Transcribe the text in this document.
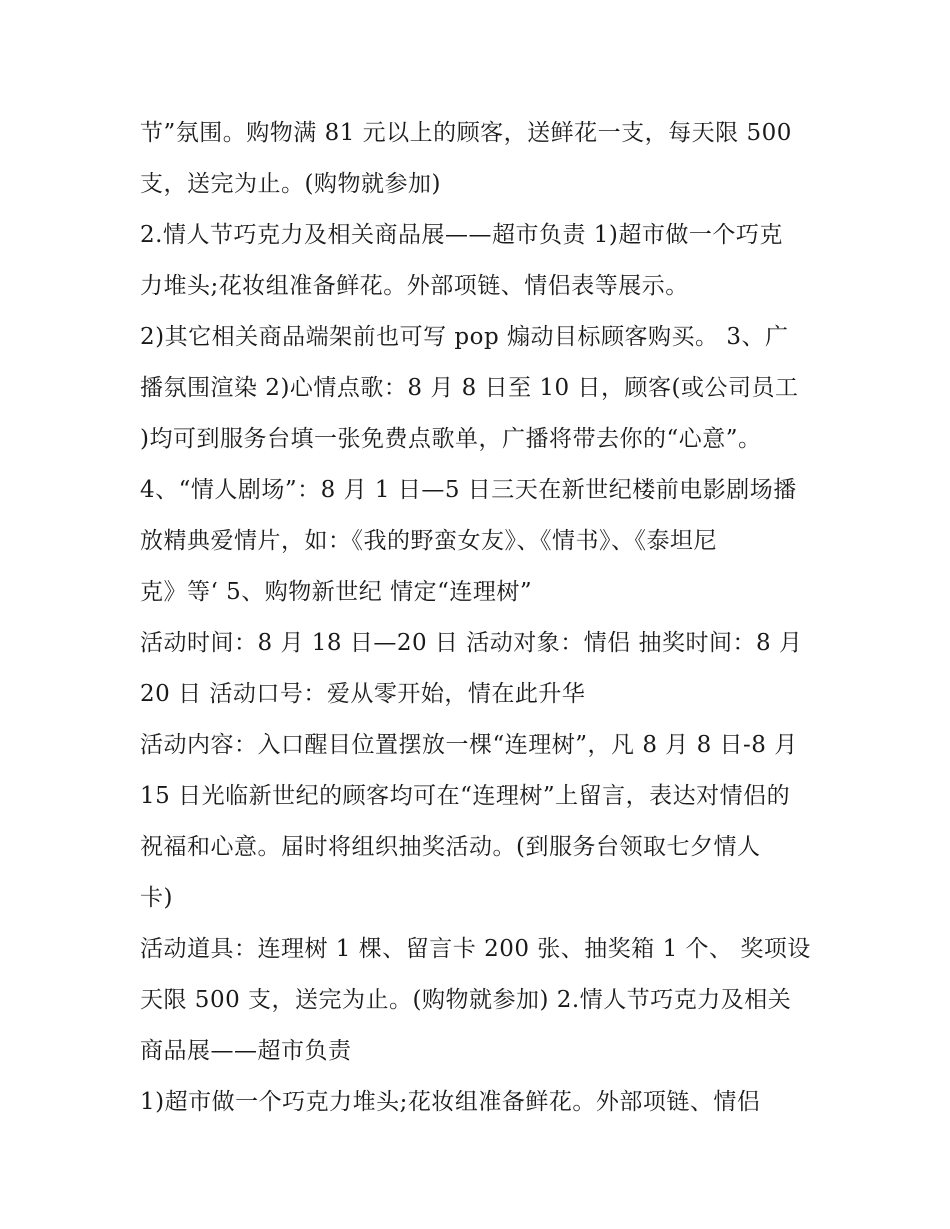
节”氛围。购物满 81 元以上的顾客，送鲜花一支，每天限 500
支，送完为止。(购物就参加)
2.情人节巧克力及相关商品展——超市负责 1)超市做一个巧克
力堆头;花妆组准备鲜花。外部项链、情侣表等展示。
2)其它相关商品端架前也可写 pop 煽动目标顾客购买。 3、广
播氛围渲染 2)心情点歌：8 月 8 日至 10 日，顾客(或公司员工
)均可到服务台填一张免费点歌单，广播将带去你的“心意”。
4、“情人剧场”：8 月 1 日—5 日三天在新世纪楼前电影剧场播
放精典爱情片，如：《我的野蛮女友》、《情书》、《泰坦尼
克》等‘ 5、购物新世纪 情定“连理树”
活动时间：8 月 18 日—20 日 活动对象：情侣 抽奖时间：8 月
20 日 活动口号：爱从零开始，情在此升华
活动内容：入口醒目位置摆放一棵“连理树”，凡 8 月 8 日-8 月
15 日光临新世纪的顾客均可在“连理树”上留言，表达对情侣的
祝福和心意。届时将组织抽奖活动。(到服务台领取七夕情人
卡)
活动道具：连理树 1 棵、留言卡 200 张、抽奖箱 1 个、 奖项设
天限 500 支，送完为止。(购物就参加) 2.情人节巧克力及相关
商品展——超市负责
1)超市做一个巧克力堆头;花妆组准备鲜花。外部项链、情侣
